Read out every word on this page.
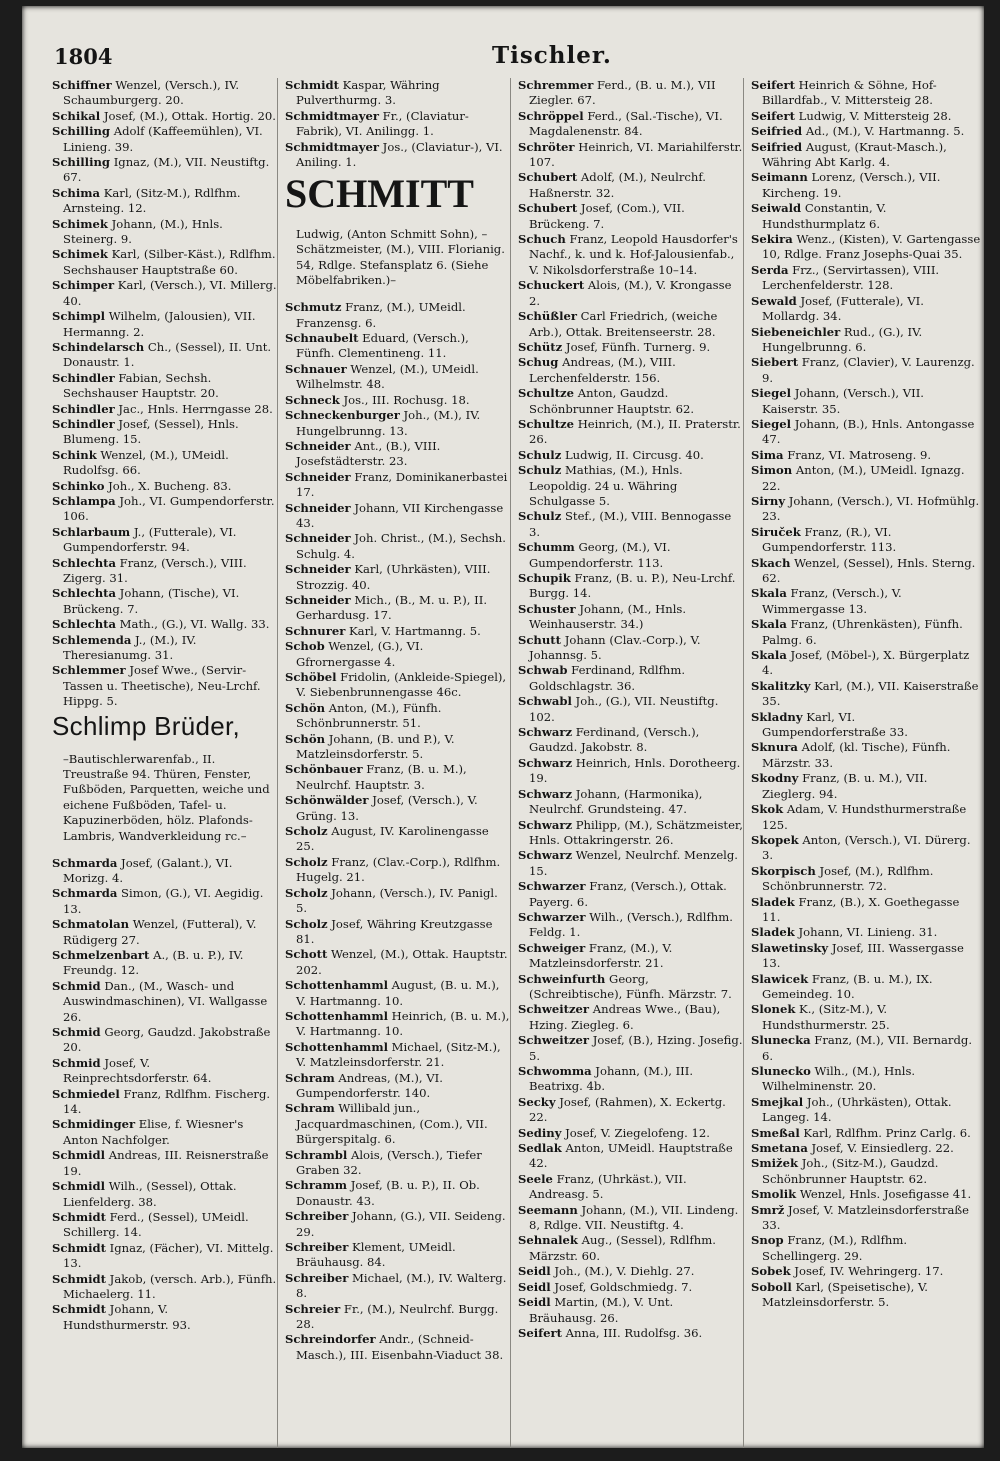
1804	Tischler.

Schiffner Wenzel, (Versch.), IV. Schaumburgerg. 20.

Schikal Josef, (M.), Ottak. Hortig. 20.

Schilling Adolf (Kaffeemühlen), VI. Linieng. 39.

Schilling Ignaz, (M.), VII. Neustiftg. 67.

Schima Karl, (Sitz-M.), Rdlfhm. Arnsteing. 12.

Schimek Johann, (M.), Hnls. Steinerg. 9.

Schimek Karl, (Silber-Käst.), Rdlfhm. Sechshauser Hauptstraße 60.

Schimper Karl, (Versch.), VI. Millerg. 40.

Schimpl Wilhelm, (Jalousien), VII. Hermanng. 2.

Schindelarsch Ch., (Sessel), II. Unt. Donaustr. 1.

Schindler Fabian, Sechsh. Sechshauser Hauptstr. 20.

Schindler Jac., Hnls. Herrngasse 28.

Schindler Josef, (Sessel), Hnls. Blumeng. 15.

Schink Wenzel, (M.), UMeidl. Rudolfsg. 66.

Schinko Joh., X. Bucheng. 83.

Schlampa Joh., VI. Gumpendorferstr. 106.

Schlarbaum J., (Futterale), VI. Gumpendorferstr. 94.

Schlechta Franz, (Versch.), VIII. Zigerg. 31.

Schlechta Johann, (Tische), VI. Brückeng. 7.

Schlechta Math., (G.), VI. Wallg. 33.

Schlemenda J., (M.), IV. Theresianumg. 31.

Schlemmer Josef Wwe., (Servir-Tassen u. Theetische), Neu-Lrchf. Hippg. 5.

Schlimp Brüder,

–Bautischlerwarenfab., II. Treustraße 94. Thüren, Fenster, Fußböden, Parquetten, weiche und eichene Fußböden, Tafel- u. Kapuzinerböden, hölz. Plafonds-Lambris, Wandverkleidung rc.–

Schmarda Josef, (Galant.), VI. Morizg. 4.

Schmarda Simon, (G.), VI. Aegidig. 13.

Schmatolan Wenzel, (Futteral), V. Rüdigerg 27.

Schmelzenbart A., (B. u. P.), IV. Freundg. 12.

Schmid Dan., (M., Wasch- und Auswindmaschinen), VI. Wallgasse 26.

Schmid Georg, Gaudzd. Jakobstraße 20.

Schmid Josef, V. Reinprechtsdorferstr. 64.

Schmiedel Franz, Rdlfhm. Fischerg. 14.

Schmidinger Elise, f. Wiesner's Anton Nachfolger.

Schmidl Andreas, III. Reisnerstraße 19.

Schmidl Wilh., (Sessel), Ottak. Lienfelderg. 38.

Schmidt Ferd., (Sessel), UMeidl. Schillerg. 14.

Schmidt Ignaz, (Fächer), VI. Mittelg. 13.

Schmidt Jakob, (versch. Arb.), Fünfh. Michaelerg. 11.

Schmidt Johann, V. Hundsthurmerstr. 93.

Schmidt Kaspar, Währing Pulverthurmg. 3.

Schmidtmayer Fr., (Claviatur-Fabrik), VI. Anilingg. 1.

Schmidtmayer Jos., (Claviatur-), VI. Aniling. 1.

SCHMITT

Ludwig, (Anton Schmitt Sohn), –Schätzmeister, (M.), VIII. Florianig. 54, Rdlge. Stefansplatz 6. (Siehe Möbelfabriken.)–

Schmutz Franz, (M.), UMeidl. Franzensg. 6.

Schnaubelt Eduard, (Versch.), Fünfh. Clementineng. 11.

Schnauer Wenzel, (M.), UMeidl. Wilhelmstr. 48.

Schneck Jos., III. Rochusg. 18.

Schneckenburger Joh., (M.), IV. Hungelbrunng. 13.

Schneider Ant., (B.), VIII. Josefstädterstr. 23.

Schneider Franz, Dominikanerbastei 17.

Schneider Johann, VII Kirchengasse 43.

Schneider Joh. Christ., (M.), Sechsh. Schulg. 4.

Schneider Karl, (Uhrkästen), VIII. Strozzig. 40.

Schneider Mich., (B., M. u. P.), II. Gerhardusg. 17.

Schnurer Karl, V. Hartmanng. 5.

Schob Wenzel, (G.), VI. Gfrornergasse 4.

Schöbel Fridolin, (Ankleide-Spiegel), V. Siebenbrunnengasse 46c.

Schön Anton, (M.), Fünfh. Schönbrunnerstr. 51.

Schön Johann, (B. und P.), V. Matzleinsdorferstr. 5.

Schönbauer Franz, (B. u. M.), Neulrchf. Hauptstr. 3.

Schönwälder Josef, (Versch.), V. Grüng. 13.

Scholz August, IV. Karolinengasse 25.

Scholz Franz, (Clav.-Corp.), Rdlfhm. Hugelg. 21.

Scholz Johann, (Versch.), IV. Panigl. 5.

Scholz Josef, Währing Kreutzgasse 81.

Schott Wenzel, (M.), Ottak. Hauptstr. 202.

Schottenhamml August, (B. u. M.), V. Hartmanng. 10.

Schottenhamml Heinrich, (B. u. M.), V. Hartmanng. 10.

Schottenhamml Michael, (Sitz-M.), V. Matzleinsdorferstr. 21.

Schram Andreas, (M.), VI. Gumpendorferstr. 140.

Schram Willibald jun., Jacquardmaschinen, (Com.), VII. Bürgerspitalg. 6.

Schrambl Alois, (Versch.), Tiefer Graben 32.

Schramm Josef, (B. u. P.), II. Ob. Donaustr. 43.

Schreiber Johann, (G.), VII. Seideng. 29.

Schreiber Klement, UMeidl. Bräuhausg. 84.

Schreiber Michael, (M.), IV. Walterg. 8.

Schreier Fr., (M.), Neulrchf. Burgg. 28.

Schreindorfer Andr., (Schneid-Masch.), III. Eisenbahn-Viaduct 38.

Schremmer Ferd., (B. u. M.), VII Ziegler. 67.

Schröppel Ferd., (Sal.-Tische), VI. Magdalenenstr. 84.

Schröter Heinrich, VI. Mariahilferstr. 107.

Schubert Adolf, (M.), Neulrchf. Haßnerstr. 32.

Schubert Josef, (Com.), VII. Brückeng. 7.

Schuch Franz, Leopold Hausdorfer's Nachf., k. und k. Hof-Jalousienfab., V. Nikolsdorferstraße 10–14.

Schuckert Alois, (M.), V. Krongasse 2.

Schüßler Carl Friedrich, (weiche Arb.), Ottak. Breitenseerstr. 28.

Schütz Josef, Fünfh. Turnerg. 9.

Schug Andreas, (M.), VIII. Lerchenfelderstr. 156.

Schultze Anton, Gaudzd. Schönbrunner Hauptstr. 62.

Schultze Heinrich, (M.), II. Praterstr. 26.

Schulz Ludwig, II. Circusg. 40.

Schulz Mathias, (M.), Hnls. Leopoldig. 24 u. Währing Schulgasse 5.

Schulz Stef., (M.), VIII. Bennogasse 3.

Schumm Georg, (M.), VI. Gumpendorferstr. 113.

Schupik Franz, (B. u. P.), Neu-Lrchf. Burgg. 14.

Schuster Johann, (M., Hnls. Weinhauserstr. 34.)

Schutt Johann (Clav.-Corp.), V. Johannsg. 5.

Schwab Ferdinand, Rdlfhm. Goldschlagstr. 36.

Schwabl Joh., (G.), VII. Neustiftg. 102.

Schwarz Ferdinand, (Versch.), Gaudzd. Jakobstr. 8.

Schwarz Heinrich, Hnls. Dorotheerg. 19.

Schwarz Johann, (Harmonika), Neulrchf. Grundsteing. 47.

Schwarz Philipp, (M.), Schätzmeister, Hnls. Ottakringerstr. 26.

Schwarz Wenzel, Neulrchf. Menzelg. 15.

Schwarzer Franz, (Versch.), Ottak. Payerg. 6.

Schwarzer Wilh., (Versch.), Rdlfhm. Feldg. 1.

Schweiger Franz, (M.), V. Matzleinsdorferstr. 21.

Schweinfurth Georg, (Schreibtische), Fünfh. Märzstr. 7.

Schweitzer Andreas Wwe., (Bau), Hzing. Ziegleg. 6.

Schweitzer Josef, (B.), Hzing. Josefig. 5.

Schwomma Johann, (M.), III. Beatrixg. 4b.

Secky Josef, (Rahmen), X. Eckertg. 22.

Sediny Josef, V. Ziegelofeng. 12.

Sedlak Anton, UMeidl. Hauptstraße 42.

Seele Franz, (Uhrkäst.), VII. Andreasg. 5.

Seemann Johann, (M.), VII. Lindeng. 8, Rdlge. VII. Neustiftg. 4.

Sehnalek Aug., (Sessel), Rdlfhm. Märzstr. 60.

Seidl Joh., (M.), V. Diehlg. 27.

Seidl Josef, Goldschmiedg. 7.

Seidl Martin, (M.), V. Unt. Bräuhausg. 26.

Seifert Anna, III. Rudolfsg. 36.

Seifert Heinrich & Söhne, Hof-Billardfab., V. Mittersteig 28.

Seifert Ludwig, V. Mittersteig 28.

Seifried Ad., (M.), V. Hartmanng. 5.

Seifried August, (Kraut-Masch.), Währing Abt Karlg. 4.

Seimann Lorenz, (Versch.), VII. Kircheng. 19.

Seiwald Constantin, V. Hundsthurmplatz 6.

Sekira Wenz., (Kisten), V. Gartengasse 10, Rdlge. Franz Josephs-Quai 35.

Serda Frz., (Servirtassen), VIII. Lerchenfelderstr. 128.

Sewald Josef, (Futterale), VI. Mollardg. 34.

Siebeneichler Rud., (G.), IV. Hungelbrunng. 6.

Siebert Franz, (Clavier), V. Laurenzg. 9.

Siegel Johann, (Versch.), VII. Kaiserstr. 35.

Siegel Johann, (B.), Hnls. Antongasse 47.

Sima Franz, VI. Matroseng. 9.

Simon Anton, (M.), UMeidl. Ignazg. 22.

Sirny Johann, (Versch.), VI. Hofmühlg. 23.

Siruček Franz, (R.), VI. Gumpendorferstr. 113.

Skach Wenzel, (Sessel), Hnls. Sterng. 62.

Skala Franz, (Versch.), V. Wimmergasse 13.

Skala Franz, (Uhrenkästen), Fünfh. Palmg. 6.

Skala Josef, (Möbel-), X. Bürgerplatz 4.

Skalitzky Karl, (M.), VII. Kaiserstraße 35.

Skladny Karl, VI. Gumpendorferstraße 33.

Sknura Adolf, (kl. Tische), Fünfh. Märzstr. 33.

Skodny Franz, (B. u. M.), VII. Zieglerg. 94.

Skok Adam, V. Hundsthurmerstraße 125.

Skopek Anton, (Versch.), VI. Dürerg. 3.

Skorpisch Josef, (M.), Rdlfhm. Schönbrunnerstr. 72.

Sladek Franz, (B.), X. Goethegasse 11.

Sladek Johann, VI. Linieng. 31.

Slawetinsky Josef, III. Wassergasse 13.

Slawicek Franz, (B. u. M.), IX. Gemeindeg. 10.

Slonek K., (Sitz-M.), V. Hundsthurmerstr. 25.

Slunecka Franz, (M.), VII. Bernardg. 6.

Slunecko Wilh., (M.), Hnls. Wilhelminenstr. 20.

Smejkal Joh., (Uhrkästen), Ottak. Langeg. 14.

Smeßal Karl, Rdlfhm. Prinz Carlg. 6.

Smetana Josef, V. Einsiedlerg. 22.

Smižek Joh., (Sitz-M.), Gaudzd. Schönbrunner Hauptstr. 62.

Smolik Wenzel, Hnls. Josefigasse 41.

Smrž Josef, V. Matzleinsdorferstraße 33.

Snop Franz, (M.), Rdlfhm. Schellingerg. 29.

Sobek Josef, IV. Wehringerg. 17.

Soboll Karl, (Speisetische), V. Matzleinsdorferstr. 5.
